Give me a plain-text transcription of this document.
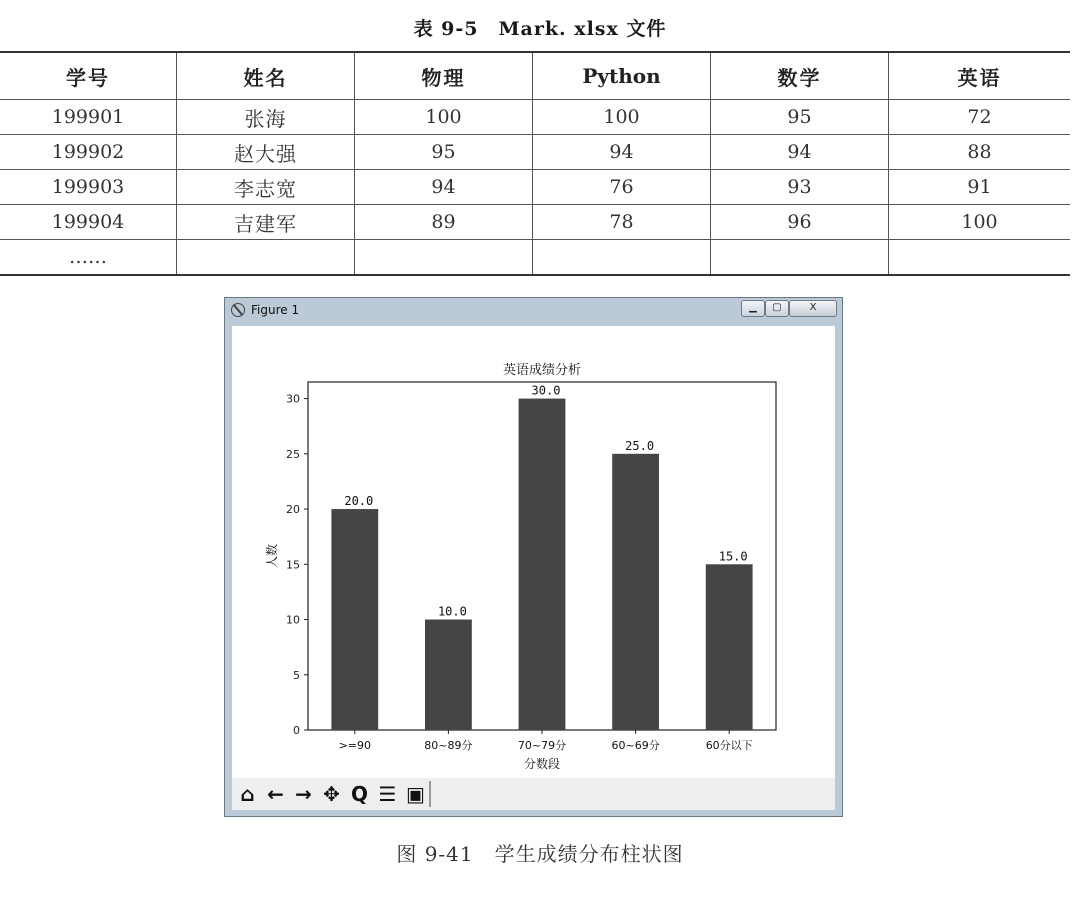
表 9-5　Mark. xlsx 文件
学号	姓名	物理	Python	数学	英语
199901	张海	100	100	95	72
199902	赵大强	95	94	94	88
199903	李志宽	94	76	93	91
199904	吉建军	89	78	96	100
……					
Figure 1	▁	▢	X
英语成绩分析
0
5
10
15
20
25
30
人数
20.0
>=90
10.0
80~89分
30.0
70~79分
25.0
60~69分
15.0
60分以下
分数段
⌂ ← → ✥ Q ☰ ▣
图 9-41　学生成绩分布柱状图
